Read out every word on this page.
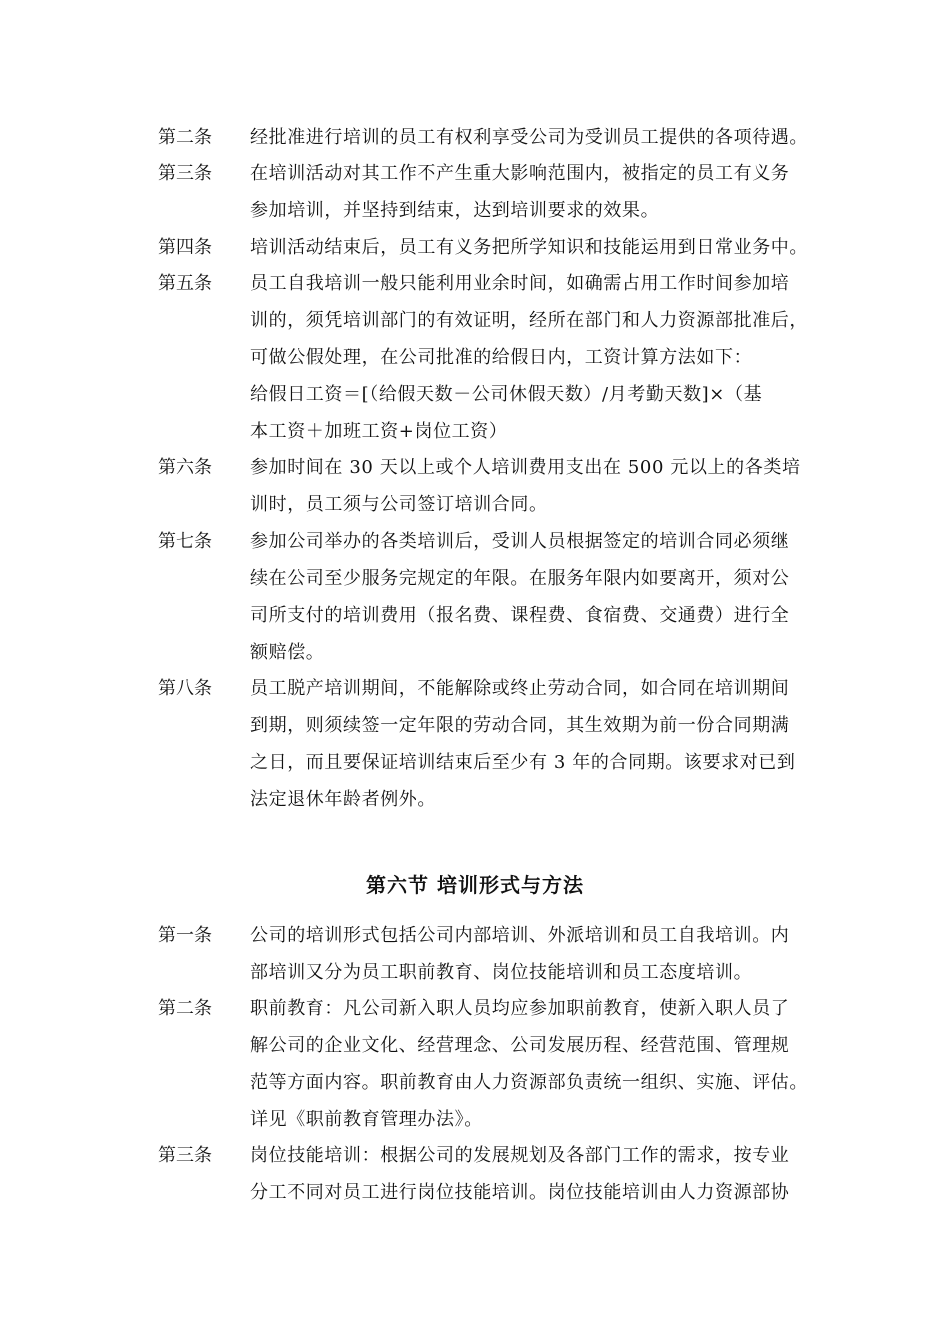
第二条 经批准进行培训的员工有权利享受公司为受训员工提供的各项待遇。
第三条 在培训活动对其工作不产生重大影响范围内，被指定的员工有义务
参加培训，并坚持到结束，达到培训要求的效果。
第四条 培训活动结束后，员工有义务把所学知识和技能运用到日常业务中。
第五条 员工自我培训一般只能利用业余时间，如确需占用工作时间参加培
训的，须凭培训部门的有效证明，经所在部门和人力资源部批准后，
可做公假处理，在公司批准的给假日内，工资计算方法如下：
给假日工资＝[（给假天数－公司休假天数）/月考勤天数]×（基
本工资＋加班工资+岗位工资）
第六条 参加时间在 30 天以上或个人培训费用支出在 500 元以上的各类培
训时，员工须与公司签订培训合同。
第七条 参加公司举办的各类培训后，受训人员根据签定的培训合同必须继
续在公司至少服务完规定的年限。在服务年限内如要离开，须对公
司所支付的培训费用（报名费、课程费、食宿费、交通费）进行全
额赔偿。
第八条 员工脱产培训期间，不能解除或终止劳动合同，如合同在培训期间
到期，则须续签一定年限的劳动合同，其生效期为前一份合同期满
之日，而且要保证培训结束后至少有 3 年的合同期。该要求对已到
法定退休年龄者例外。
第六节 培训形式与方法
第一条 公司的培训形式包括公司内部培训、外派培训和员工自我培训。内
部培训又分为员工职前教育、岗位技能培训和员工态度培训。
第二条 职前教育：凡公司新入职人员均应参加职前教育，使新入职人员了
解公司的企业文化、经营理念、公司发展历程、经营范围、管理规
范等方面内容。职前教育由人力资源部负责统一组织、实施、评估。
详见《职前教育管理办法》。
第三条 岗位技能培训：根据公司的发展规划及各部门工作的需求，按专业
分工不同对员工进行岗位技能培训。岗位技能培训由人力资源部协
